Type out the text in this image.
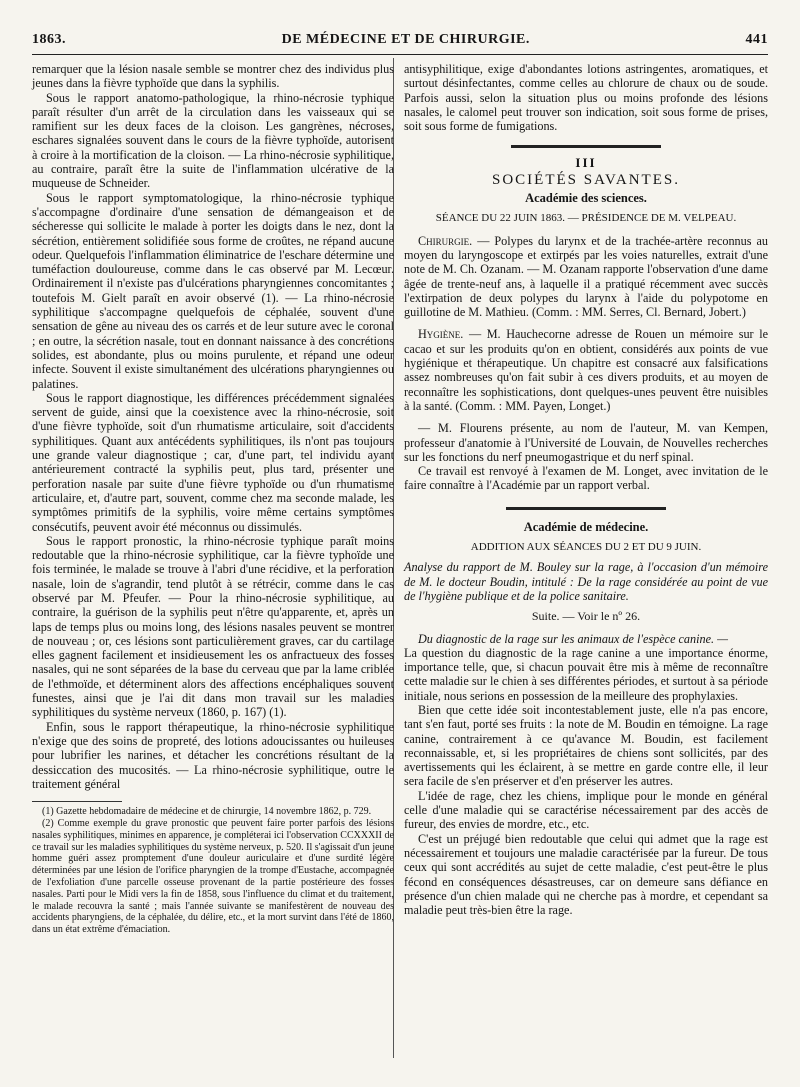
1863.	DE MÉDECINE ET DE CHIRURGIE.	441

remarquer que la lésion nasale semble se montrer chez des individus plus jeunes dans la fièvre typhoïde que dans la syphilis.

Sous le rapport anatomo-pathologique, la rhino-nécrosie typhique paraît résulter d'un arrêt de la circulation dans les vaisseaux qui se ramifient sur les deux faces de la cloison. Les gangrènes, nécroses, eschares signalées souvent dans le cours de la fièvre typhoïde, autorisent à croire à la mortification de la cloison. — La rhino-nécrosie syphilitique, au contraire, paraît être la suite de l'inflammation ulcérative de la muqueuse de Schneider.

Sous le rapport symptomatologique, la rhino-nécrosie typhique s'accompagne d'ordinaire d'une sensation de démangeaison et de sécheresse qui sollicite le malade à porter les doigts dans le nez, dont la sécrétion, entièrement solidifiée sous forme de croûtes, ne répand aucune odeur. Quelquefois l'inflammation éliminatrice de l'eschare détermine une tuméfaction douloureuse, comme dans le cas observé par M. Lecœur. Ordinairement il n'existe pas d'ulcérations pharyngiennes concomitantes ; toutefois M. Gielt paraît en avoir observé (1). — La rhino-nécrosie syphilitique s'accompagne quelquefois de céphalée, souvent d'une sensation de gêne au niveau des os carrés et de leur suture avec le coronal ; en outre, la sécrétion nasale, tout en donnant naissance à des concrétions solides, est abondante, plus ou moins purulente, et répand une odeur infecte. Souvent il existe simultanément des ulcérations pharyngiennes ou palatines.

Sous le rapport diagnostique, les différences précédemment signalées servent de guide, ainsi que la coexistence avec la rhino-nécrosie, soit d'une fièvre typhoïde, soit d'un rhumatisme articulaire, soit d'accidents syphilitiques. Quant aux antécédents syphilitiques, ils n'ont pas toujours une grande valeur diagnostique ; car, d'une part, tel individu ayant antérieurement contracté la syphilis peut, plus tard, présenter une perforation nasale par suite d'une fièvre typhoïde ou d'un rhumatisme articulaire, et, d'autre part, souvent, comme chez ma seconde malade, les symptômes primitifs de la syphilis, voire même certains symptômes consécutifs, peuvent avoir été méconnus ou dissimulés.

Sous le rapport pronostic, la rhino-nécrosie typhique paraît moins redoutable que la rhino-nécrosie syphilitique, car la fièvre typhoïde une fois terminée, le malade se trouve à l'abri d'une récidive, et la perforation nasale, loin de s'agrandir, tend plutôt à se rétrécir, comme dans le cas observé par M. Pfeufer. — Pour la rhino-nécrosie syphilitique, au contraire, la guérison de la syphilis peut n'être qu'apparente, et, après un laps de temps plus ou moins long, des lésions nasales peuvent se montrer de nouveau ; or, ces lésions sont particulièrement graves, car du cartilage elles gagnent facilement et insidieusement les os anfractueux des fosses nasales, qui ne sont séparées de la base du cerveau que par la lame criblée de l'ethmoïde, et déterminent alors des affections encéphaliques souvent funestes, ainsi que je l'ai dit dans mon travail sur les maladies syphilitiques du système nerveux (1860, p. 167) (1).

Enfin, sous le rapport thérapeutique, la rhino-nécrosie syphilitique n'exige que des soins de propreté, des lotions adoucissantes ou huileuses pour lubrifier les narines, et détacher les concrétions résultant de la dessiccation des mucosités. — La rhino-nécrosie syphilitique, outre le traitement général

(1) Gazette hebdomadaire de médecine et de chirurgie, 14 novembre 1862, p. 729.

(2) Comme exemple du grave pronostic que peuvent faire porter parfois des lésions nasales syphilitiques, minimes en apparence, je compléterai ici l'observation CCXXXII de ce travail sur les maladies syphilitiques du système nerveux, p. 520. Il s'agissait d'un jeune homme guéri assez promptement d'une douleur auriculaire et d'une surdité légère déterminées par une lésion de l'orifice pharyngien de la trompe d'Eustache, accompagnée de l'exfoliation d'une parcelle osseuse provenant de la partie postérieure des fosses nasales. Parti pour le Midi vers la fin de 1858, sous l'influence du climat et du traitement, le malade recouvra la santé ; mais l'année suivante se manifestèrent de nouveau des accidents pharyngiens, de la céphalée, du délire, etc., et la mort survint dans l'été de 1860, dans un état extrême d'émaciation.

antisyphilitique, exige d'abondantes lotions astringentes, aromatiques, et surtout désinfectantes, comme celles au chlorure de chaux ou de soude. Parfois aussi, selon la situation plus ou moins profonde des lésions nasales, le calomel peut trouver son indication, soit sous forme de prises, soit sous forme de fumigations.

III
SOCIÉTÉS SAVANTES.
Académie des sciences.
SÉANCE DU 22 JUIN 1863. — PRÉSIDENCE DE M. VELPEAU.

Chirurgie. — Polypes du larynx et de la trachée-artère reconnus au moyen du laryngoscope et extirpés par les voies naturelles, extrait d'une note de M. Ch. Ozanam. — M. Ozanam rapporte l'observation d'une dame âgée de trente-neuf ans, à laquelle il a pratiqué récemment avec succès l'extirpation de deux polypes du larynx à l'aide du polypotome en guillotine de M. Mathieu. (Comm. : MM. Serres, Cl. Bernard, Jobert.)

Hygiène. — M. Hauchecorne adresse de Rouen un mémoire sur le cacao et sur les produits qu'on en obtient, considérés aux points de vue hygiénique et thérapeutique. Un chapitre est consacré aux falsifications assez nombreuses qu'on fait subir à ces divers produits, et au moyen de reconnaître les sophistications, dont quelques-unes peuvent être nuisibles à la santé. (Comm. : MM. Payen, Longet.)

— M. Flourens présente, au nom de l'auteur, M. van Kempen, professeur d'anatomie à l'Université de Louvain, de Nouvelles recherches sur les fonctions du nerf pneumogastrique et du nerf spinal.

Ce travail est renvoyé à l'examen de M. Longet, avec invitation de le faire connaître à l'Académie par un rapport verbal.

Académie de médecine.
ADDITION AUX SÉANCES DU 2 ET DU 9 JUIN.

Analyse du rapport de M. Bouley sur la rage, à l'occasion d'un mémoire de M. le docteur Boudin, intitulé : De la rage considérée au point de vue de l'hygiène publique et de la police sanitaire.

Suite. — Voir le nº 26.

Du diagnostic de la rage sur les animaux de l'espèce canine. —

La question du diagnostic de la rage canine a une importance énorme, importance telle, que, si chacun pouvait être mis à même de reconnaître cette maladie sur le chien à ses différentes périodes, et surtout à sa période initiale, nous serions en possession de la meilleure des prophylaxies.

Bien que cette idée soit incontestablement juste, elle n'a pas encore, tant s'en faut, porté ses fruits : la note de M. Boudin en témoigne. La rage canine, contrairement à ce qu'avance M. Boudin, est facilement reconnaissable, et, si les propriétaires de chiens sont sollicités, par des avertissements qui les éclairent, à se mettre en garde contre elle, il leur sera facile de s'en préserver et d'en préserver les autres.

L'idée de rage, chez les chiens, implique pour le monde en général celle d'une maladie qui se caractérise nécessairement par des accès de fureur, des envies de mordre, etc., etc.

C'est un préjugé bien redoutable que celui qui admet que la rage est nécessairement et toujours une maladie caractérisée par la fureur. De tous ceux qui sont accrédités au sujet de cette maladie, c'est peut-être le plus fécond en conséquences désastreuses, car on demeure sans défiance en présence d'un chien malade qui ne cherche pas à mordre, et cependant sa maladie peut très-bien être la rage.
